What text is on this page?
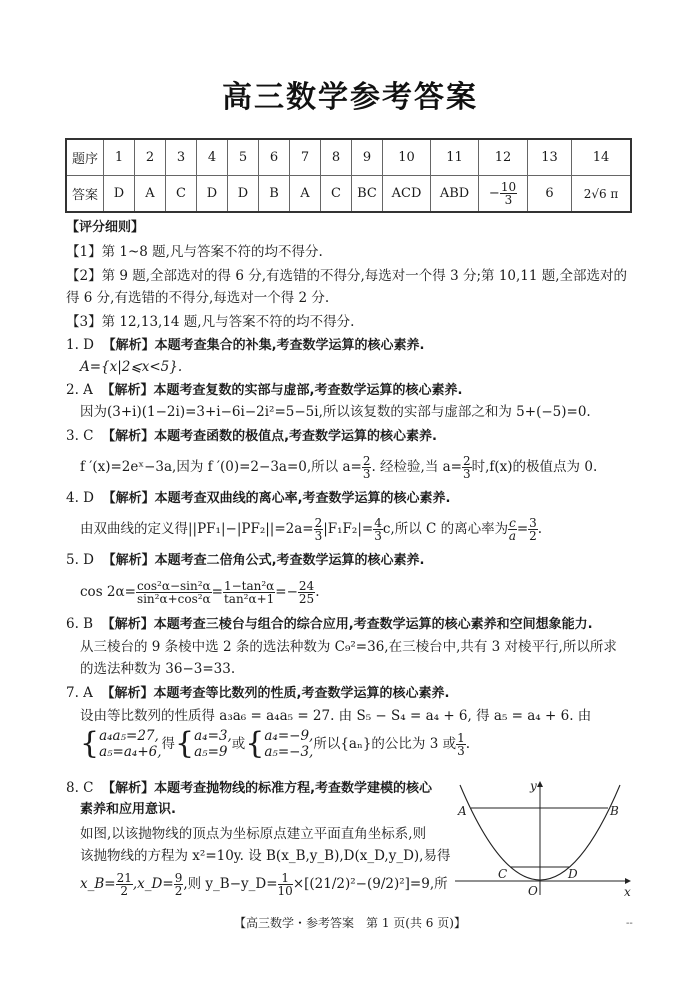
高三数学参考答案
题序	1	2	3	4	5	6	7	8	9	10	11	12	13	14
答案	D	A	C	D	D	B	A	C	BC	ACD	ABD	− $\frac{10}{3}$	6	2√6 π
【评分细则】
【1】第 1~8 题,凡与答案不符的均不得分.
【2】第 9 题,全部选对的得 6 分,有选错的不得分,每选对一个得 3 分;第 10,11 题,全部选对的
得 6 分,有选错的不得分,每选对一个得 2 分.
【3】第 12,13,14 题,凡与答案不符的均不得分.
1. D 【解析】本题考查集合的补集,考查数学运算的核心素养.
A={x|2⩽x<5}.
2. A 【解析】本题考查复数的实部与虚部,考查数学运算的核心素养.
因为(3+i)(1−2i)=3+i−6i−2i²=5−5i,所以该复数的实部与虚部之和为 5+(−5)=0.
3. C 【解析】本题考查函数的极值点,考查数学运算的核心素养.
f ′(x)=2eˣ−3a,因为 f ′(0)=2−3a=0,所以 $a= \frac{2}{3}$ . 经检验,当 $a= \frac{2}{3}$ 时,f(x)的极值点为 0.
4. D 【解析】本题考查双曲线的离心率,考查数学运算的核心素养.
由双曲线的定义得$||PF_1|-|PF_2||=2a= \frac{2}{3} |F_1F_2|= \frac{4}{3} c$,所以 C 的离心率为 $\frac{c}{a} = \frac{3}{2}$ .
5. D 【解析】本题考查二倍角公式,考查数学运算的核心素养.
$\cos 2\alpha= \frac{\text{cos²α−sin²α}}{\text{sin²α+cos²α}} = \frac{\text{1−tan²α}}{\text{tan²α+1}} =- \frac{24}{25}$ .
6. B 【解析】本题考查三棱台与组合的综合应用,考查数学运算的核心素养和空间想象能力.
从三棱台的 9 条棱中选 2 条的选法种数为 C₉²=36,在三棱台中,共有 3 对棱平行,所以所求
的选法种数为 36−3=33.
7. A 【解析】本题考查等比数列的性质,考查数学运算的核心素养.
设由等比数列的性质得 a₃a₆ = a₄a₅ = 27. 由 S₅ − S₄ = a₄ + 6, 得 a₅ = a₄ + 6. 由
{ a₄a₅=27,
a₅=a₄+6, 得 { a₄=3,
a₅=9 或 { a₄=−9,
a₅=−3, 所以{aₙ}的公比为 3 或 $\frac{1}{3}$ .
8. C 【解析】本题考查抛物线的标准方程,考查数学建模的核心
素养和应用意识.
如图,以该抛物线的顶点为坐标原点建立平面直角坐标系,则
该抛物线的方程为 x²=10y. 设 B(x_B,y_B),D(x_D,y_D),易得
x_B= $\frac{21}{2}$ ,x_D= $\frac{9}{2}$ ,则 y_B−y_D= $\frac{1}{10} \times[(21/2)^2-(9/2)^2]=9$,所
A	B
C	D
O	x
y
【高三数学・参考答案　第 1 页(共 6 页)】	--
